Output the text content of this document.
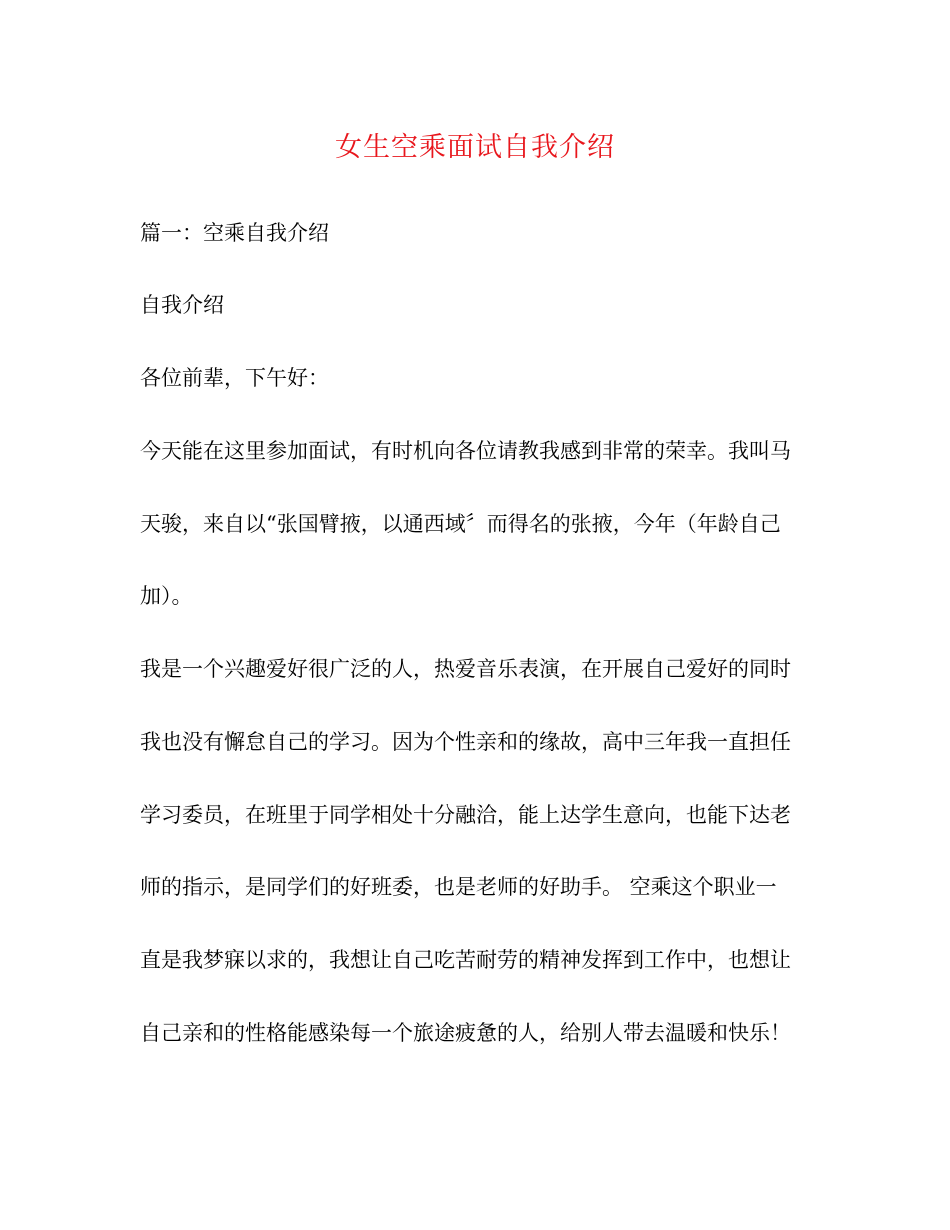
女生空乘面试自我介绍
篇一：空乘自我介绍
自我介绍
各位前辈，下午好：
今天能在这里参加面试，有时机向各位请教我感到非常的荣幸。我叫马
天骏，来自以“张国臂掖，以通西域〞而得名的张掖，今年（年龄自己
加）。
我是一个兴趣爱好很广泛的人，热爱音乐表演，在开展自己爱好的同时
我也没有懈怠自己的学习。因为个性亲和的缘故，高中三年我一直担任
学习委员，在班里于同学相处十分融洽，能上达学生意向，也能下达老
师的指示，是同学们的好班委，也是老师的好助手。 空乘这个职业一
直是我梦寐以求的，我想让自己吃苦耐劳的精神发挥到工作中，也想让
自己亲和的性格能感染每一个旅途疲惫的人，给别人带去温暖和快乐！
